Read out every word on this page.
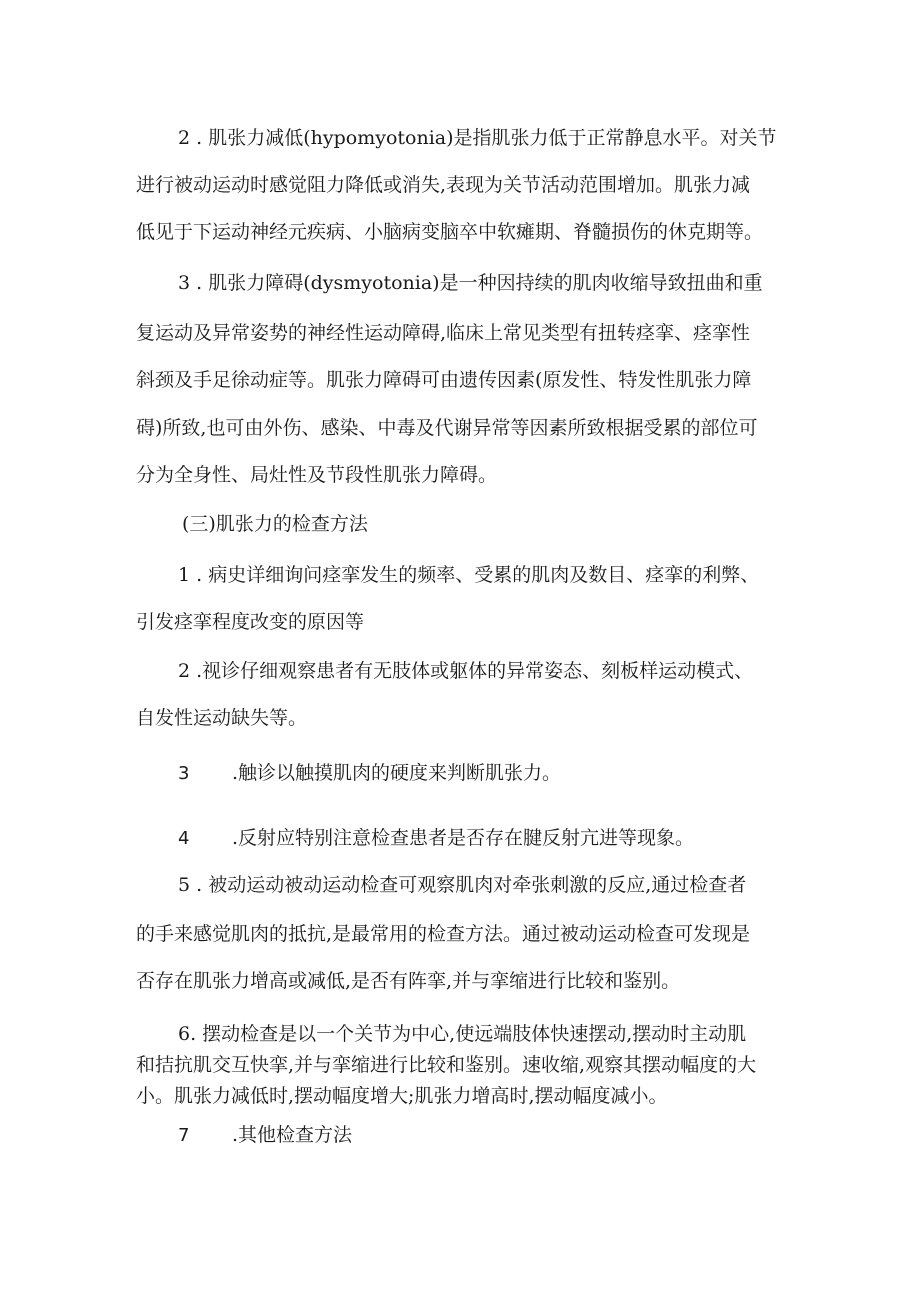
2 . 肌张力减低(hypomyotonia)是指肌张力低于正常静息水平。对关节
进行被动运动时感觉阻力降低或消失,表现为关节活动范围增加。肌张力减
低见于下运动神经元疾病、小脑病变脑卒中软瘫期、脊髓损伤的休克期等。
3 . 肌张力障碍(dysmyotonia)是一种因持续的肌肉收缩导致扭曲和重
复运动及异常姿势的神经性运动障碍,临床上常见类型有扭转痉挛、痉挛性
斜颈及手足徐动症等。肌张力障碍可由遗传因素(原发性、特发性肌张力障
碍)所致,也可由外伤、感染、中毒及代谢异常等因素所致根据受累的部位可
分为全身性、局灶性及节段性肌张力障碍。
(三)肌张力的检查方法
1 . 病史详细询问痉挛发生的频率、受累的肌肉及数目、痉挛的利弊、
引发痉挛程度改变的原因等
2 .视诊仔细观察患者有无肢体或躯体的异常姿态、刻板样运动模式、
自发性运动缺失等。
3 .触诊以触摸肌肉的硬度来判断肌张力。
4 .反射应特别注意检查患者是否存在腱反射亢进等现象。
5 . 被动运动被动运动检查可观察肌肉对牵张刺激的反应,通过检查者
的手来感觉肌肉的抵抗,是最常用的检查方法。通过被动运动检查可发现是
否存在肌张力增高或减低,是否有阵挛,并与挛缩进行比较和鉴别。
6. 摆动检查是以一个关节为中心,使远端肢体快速摆动,摆动时主动肌
和拮抗肌交互快挛,并与挛缩进行比较和鉴别。速收缩,观察其摆动幅度的大
小。肌张力减低时,摆动幅度增大;肌张力增高时,摆动幅度减小。
7 .其他检查方法
